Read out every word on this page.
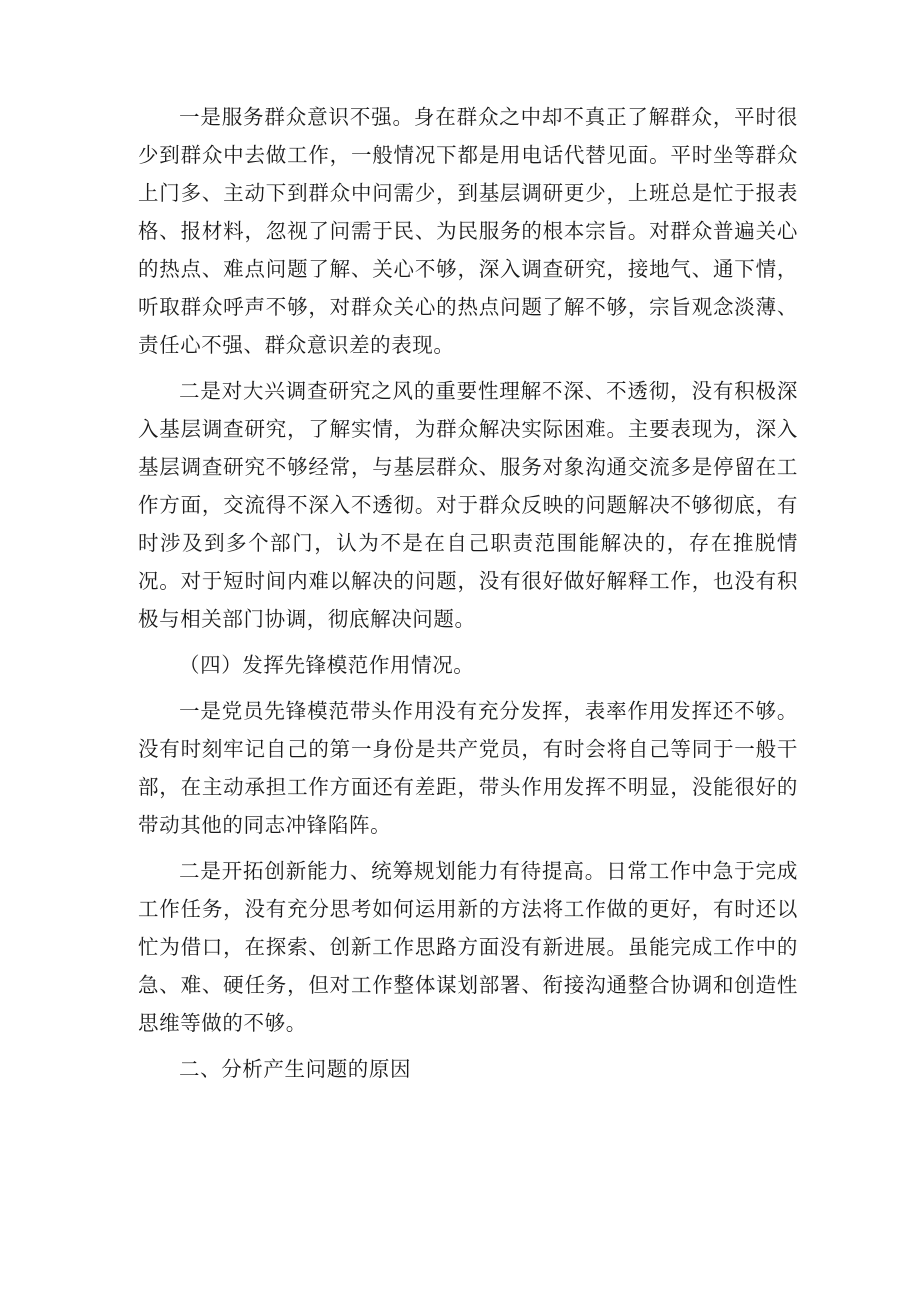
一是服务群众意识不强。身在群众之中却不真正了解群众，平时很少到群众中去做工作，一般情况下都是用电话代替见面。平时坐等群众上门多、主动下到群众中问需少，到基层调研更少，上班总是忙于报表格、报材料，忽视了问需于民、为民服务的根本宗旨。对群众普遍关心的热点、难点问题了解、关心不够，深入调查研究，接地气、通下情，听取群众呼声不够，对群众关心的热点问题了解不够，宗旨观念淡薄、责任心不强、群众意识差的表现。

二是对大兴调查研究之风的重要性理解不深、不透彻，没有积极深入基层调查研究，了解实情，为群众解决实际困难。主要表现为，深入基层调查研究不够经常，与基层群众、服务对象沟通交流多是停留在工作方面，交流得不深入不透彻。对于群众反映的问题解决不够彻底，有时涉及到多个部门，认为不是在自己职责范围能解决的，存在推脱情况。对于短时间内难以解决的问题，没有很好做好解释工作，也没有积极与相关部门协调，彻底解决问题。

（四）发挥先锋模范作用情况。

一是党员先锋模范带头作用没有充分发挥，表率作用发挥还不够。没有时刻牢记自己的第一身份是共产党员，有时会将自己等同于一般干部，在主动承担工作方面还有差距，带头作用发挥不明显，没能很好的带动其他的同志冲锋陷阵。

二是开拓创新能力、统筹规划能力有待提高。日常工作中急于完成工作任务，没有充分思考如何运用新的方法将工作做的更好，有时还以忙为借口，在探索、创新工作思路方面没有新进展。虽能完成工作中的急、难、硬任务，但对工作整体谋划部署、衔接沟通整合协调和创造性思维等做的不够。

二、分析产生问题的原因
